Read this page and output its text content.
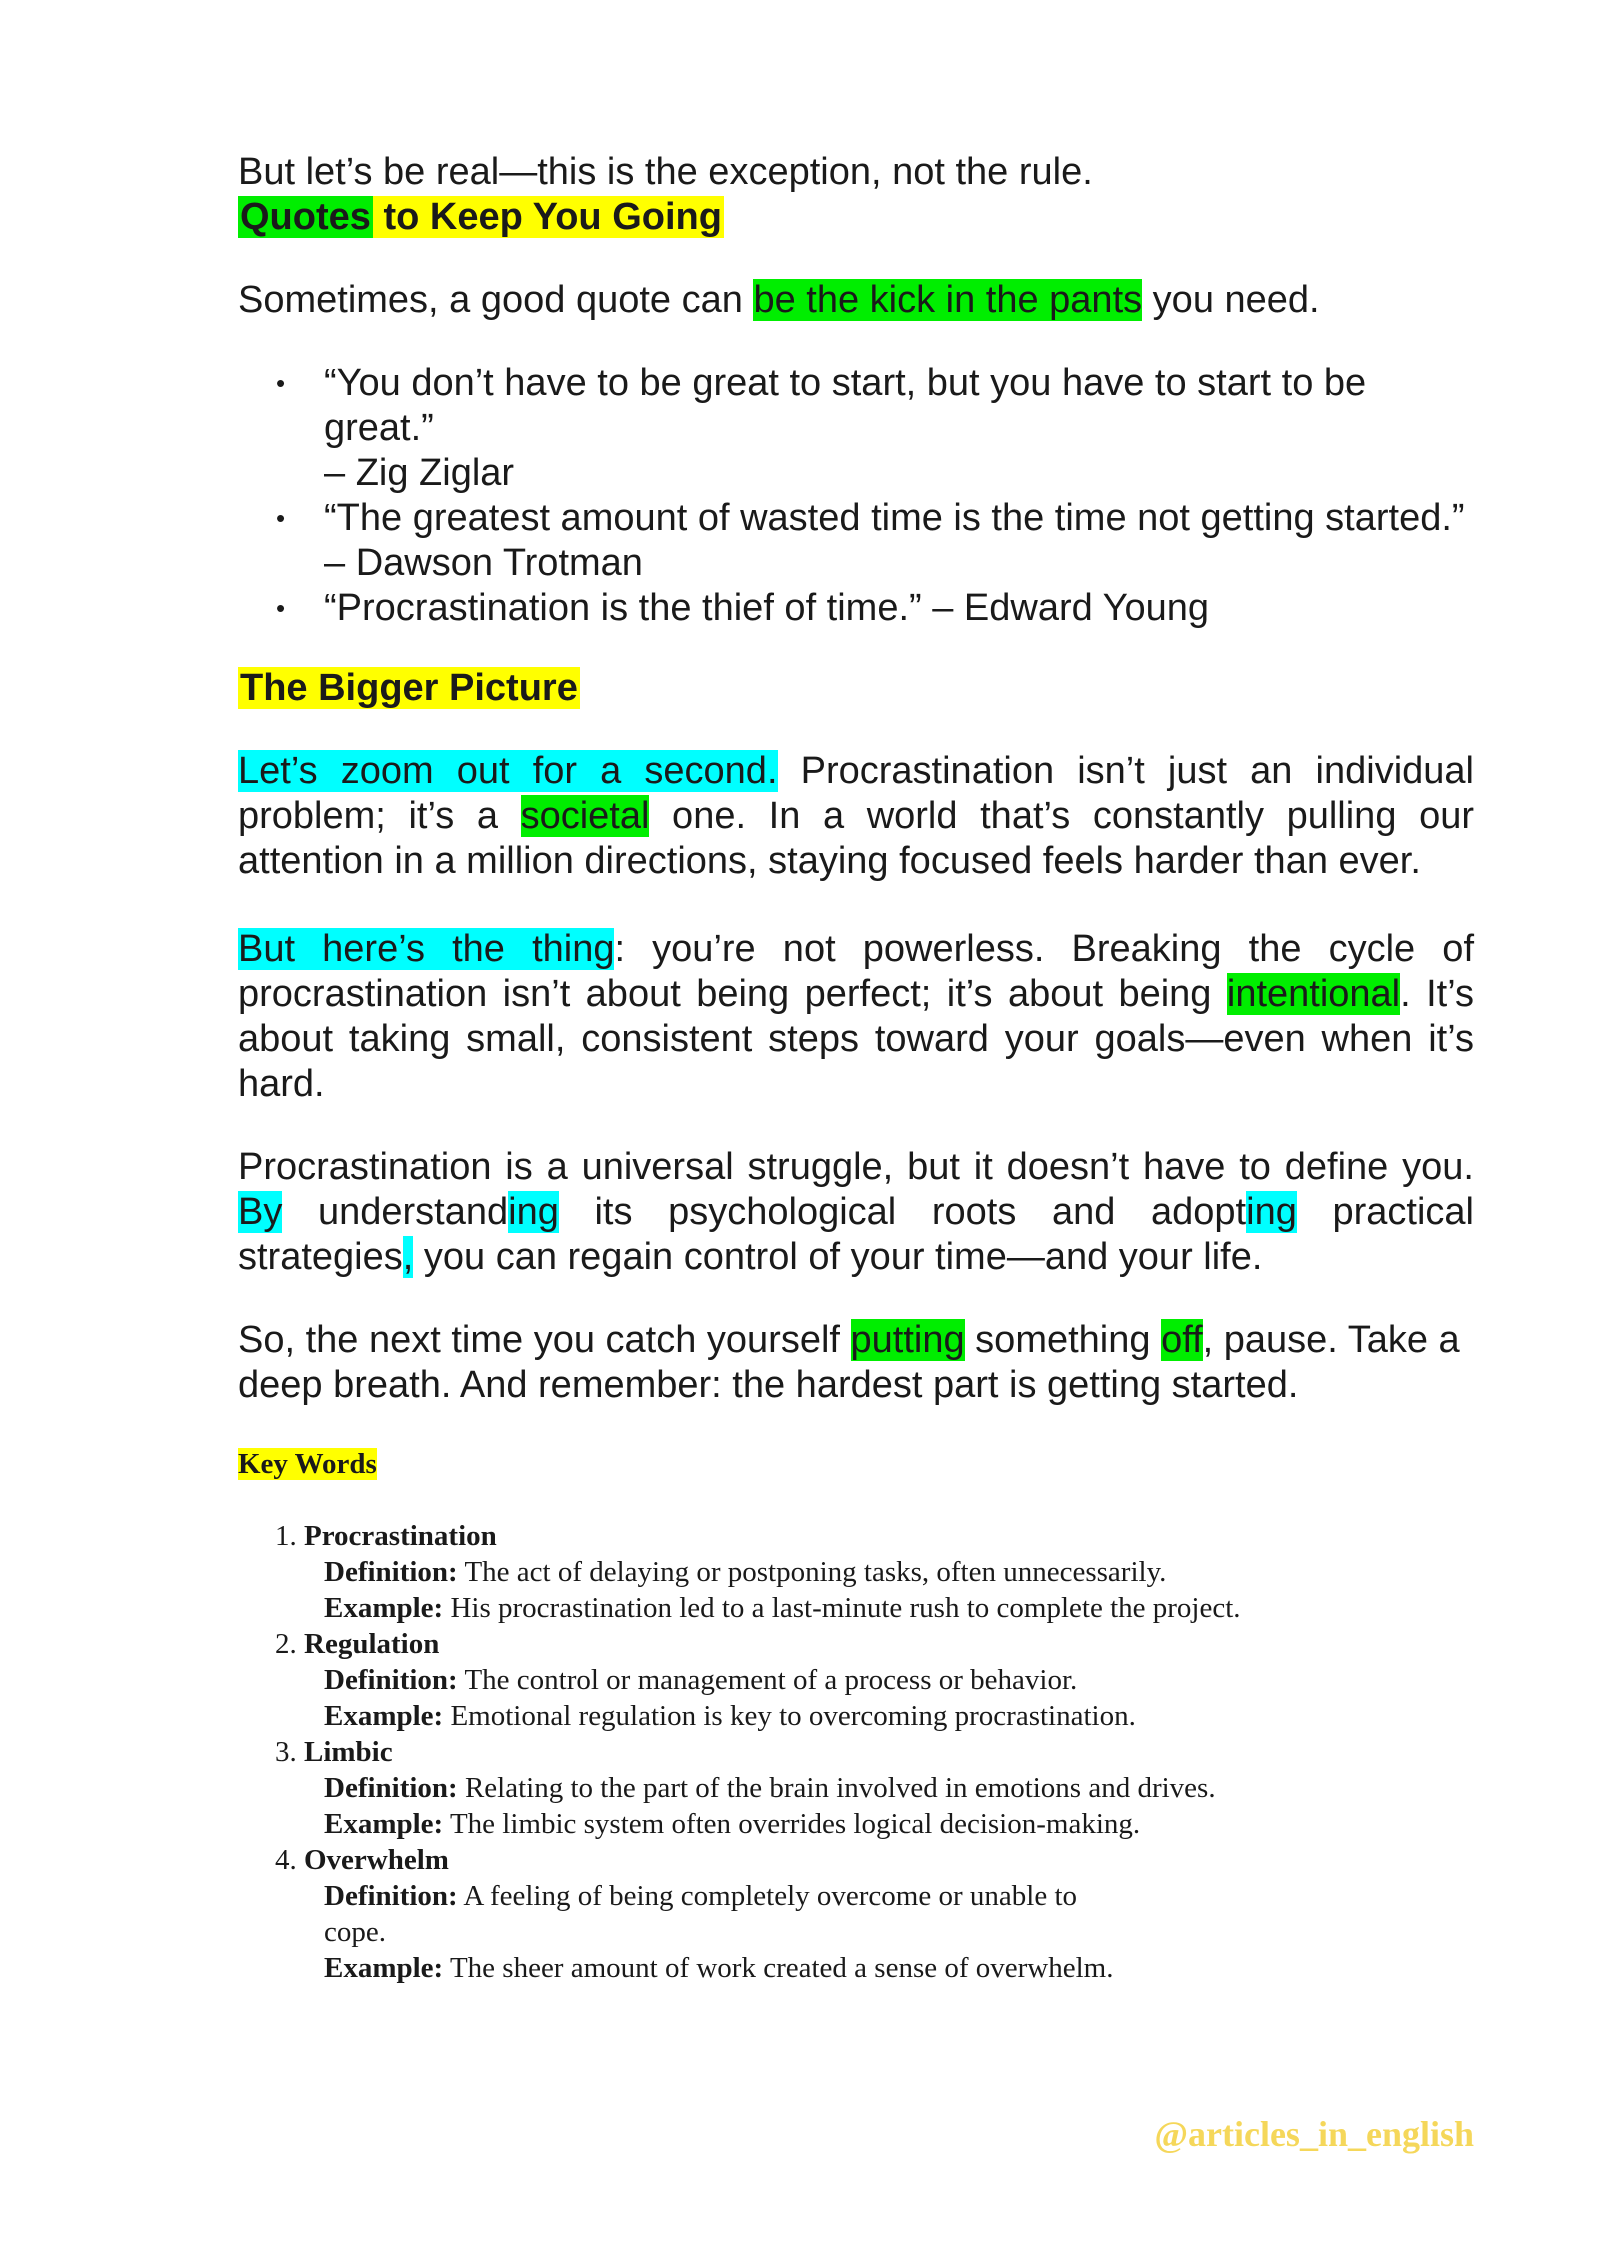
But let’s be real—this is the exception, not the rule.

Quotes to Keep You Going

Sometimes, a good quote can be the kick in the pants you need.

• “You don’t have to be great to start, but you have to start to be great.”
– Zig Ziglar
• “The greatest amount of wasted time is the time not getting started.”
– Dawson Trotman
• “Procrastination is the thief of time.” – Edward Young

The Bigger Picture

Let’s zoom out for a second. Procrastination isn’t just an individual problem; it’s a societal one. In a world that’s constantly pulling our attention in a million directions, staying focused feels harder than ever.

But here’s the thing: you’re not powerless. Breaking the cycle of procrastination isn’t about being perfect; it’s about being intentional. It’s about taking small, consistent steps toward your goals—even when it’s hard.

Procrastination is a universal struggle, but it doesn’t have to define you. By understanding its psychological roots and adopting practical strategies, you can regain control of your time—and your life.

So, the next time you catch yourself putting something off, pause. Take a deep breath. And remember: the hardest part is getting started.

Key Words
1. Procrastination
Definition: The act of delaying or postponing tasks, often unnecessarily.
Example: His procrastination led to a last-minute rush to complete the project.
2. Regulation
Definition: The control or management of a process or behavior.
Example: Emotional regulation is key to overcoming procrastination.
3. Limbic
Definition: Relating to the part of the brain involved in emotions and drives.
Example: The limbic system often overrides logical decision-making.
4. Overwhelm
Definition: A feeling of being completely overcome or unable to cope.
Example: The sheer amount of work created a sense of overwhelm.
@articles_in_english
